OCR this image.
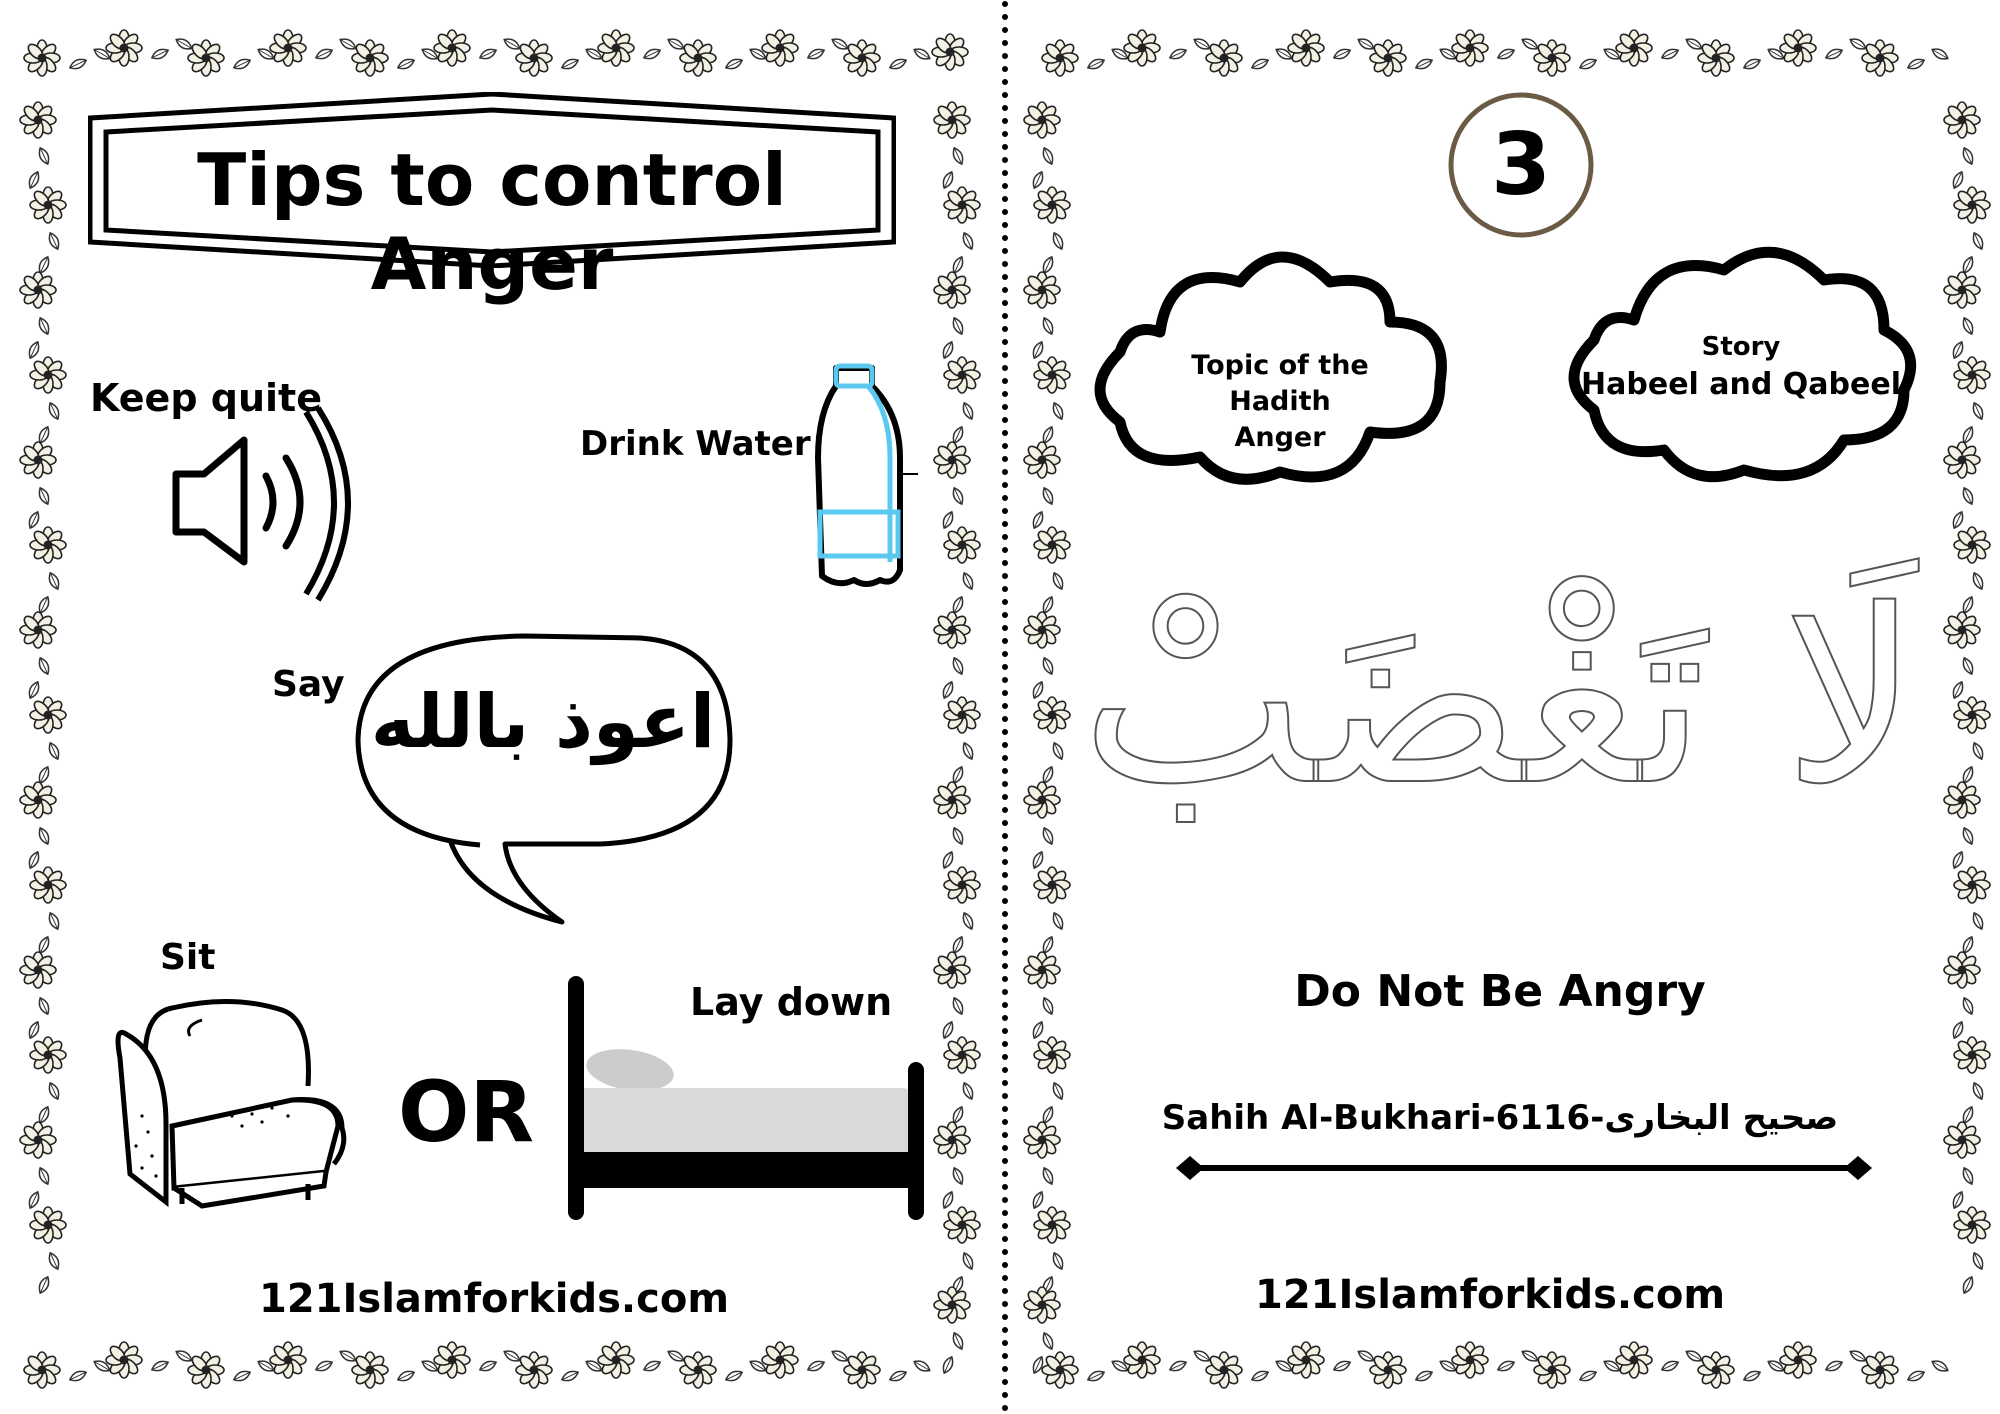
Tips to control Anger
Keep quite
Drink Water
Say اعوذ بالله
Sit
OR
Lay down
121Islamforkids.com
3
Topic of the Hadith
Anger
Story
Habeel and Qabeel
لَا تَغْضَبْ
Do Not Be Angry
Sahih Al-Bukhari-6116-صحيح البخارى
121Islamforkids.com
